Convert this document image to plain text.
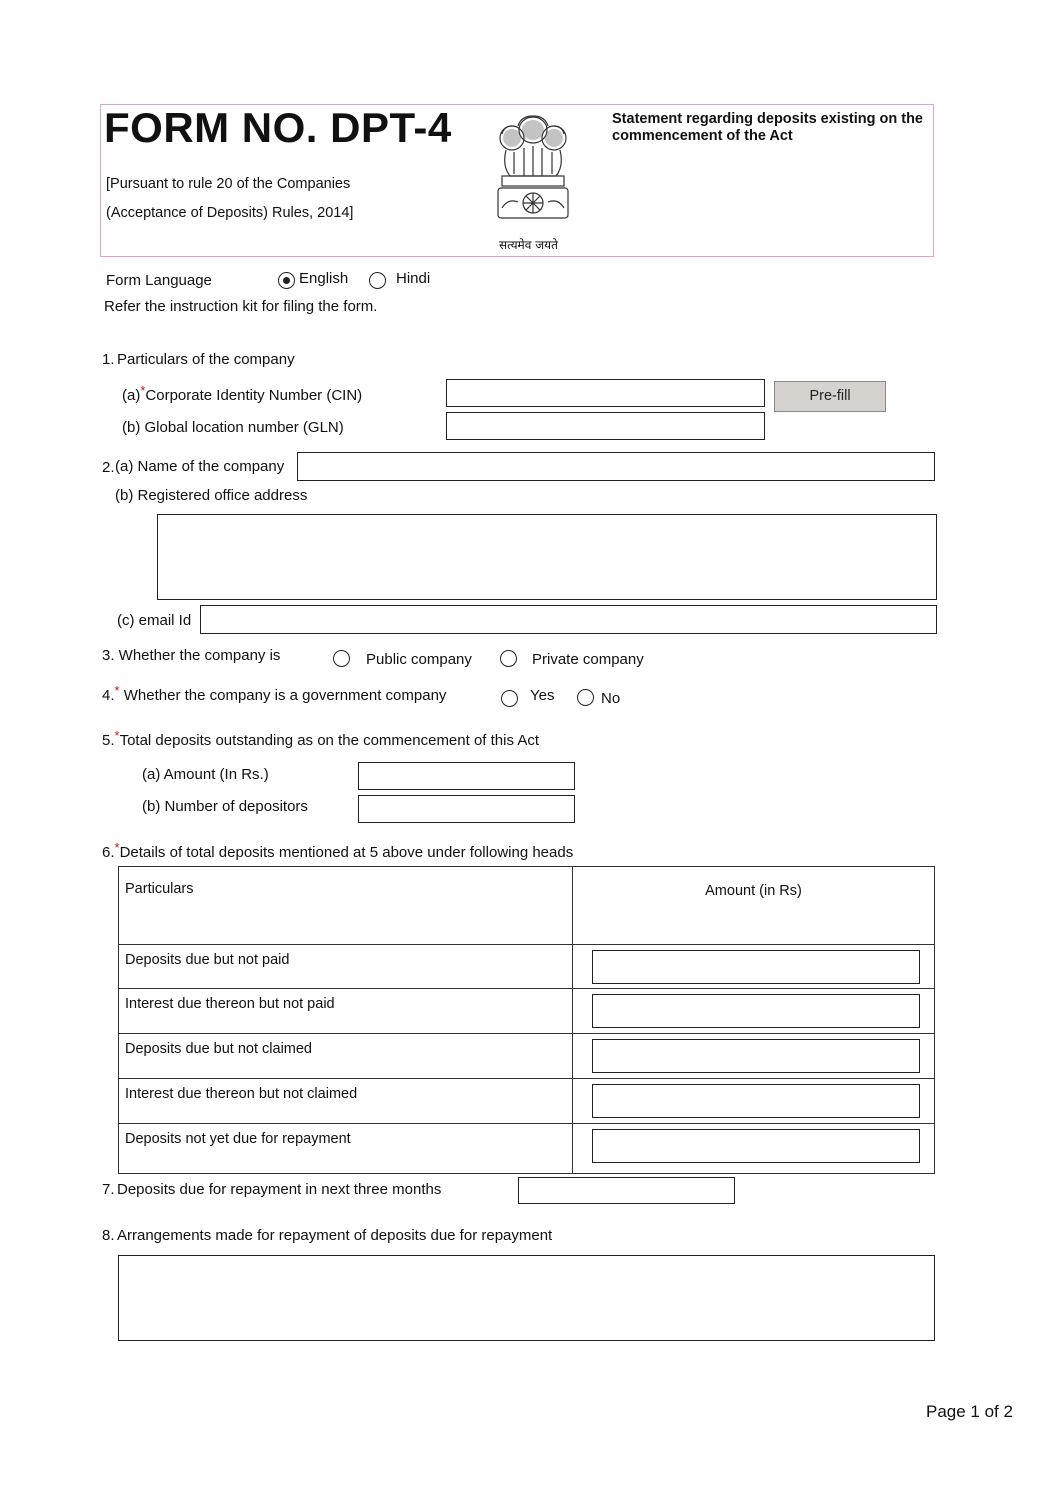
FORM NO. DPT-4
[Pursuant to rule 20 of the Companies
(Acceptance of Deposits) Rules, 2014]
Statement regarding deposits existing on the commencement of the Act
सत्यमेव जयते
Form Language	English	Hindi
Refer the instruction kit for filing the form.
1. Particulars of the company
(a)*Corporate Identity Number (CIN)	Pre-fill
(b) Global location number (GLN)
2. (a) Name of the company
(b) Registered office address
(c) email Id
3. Whether the company is	Public company	Private company
4.* Whether the company is a government company	Yes	No
5.*Total deposits outstanding as on the commencement of this Act
(a) Amount (In Rs.)
(b) Number of depositors
6.*Details of total deposits mentioned at 5 above under following heads
Particulars	Amount (in Rs)
Deposits due but not paid	

Interest due thereon but not paid	

Deposits due but not claimed	

Interest due thereon but not claimed	

Deposits not yet due for repayment	
7. Deposits due for repayment in next three months
8. Arrangements made for repayment of deposits due for repayment
Page 1 of 2
